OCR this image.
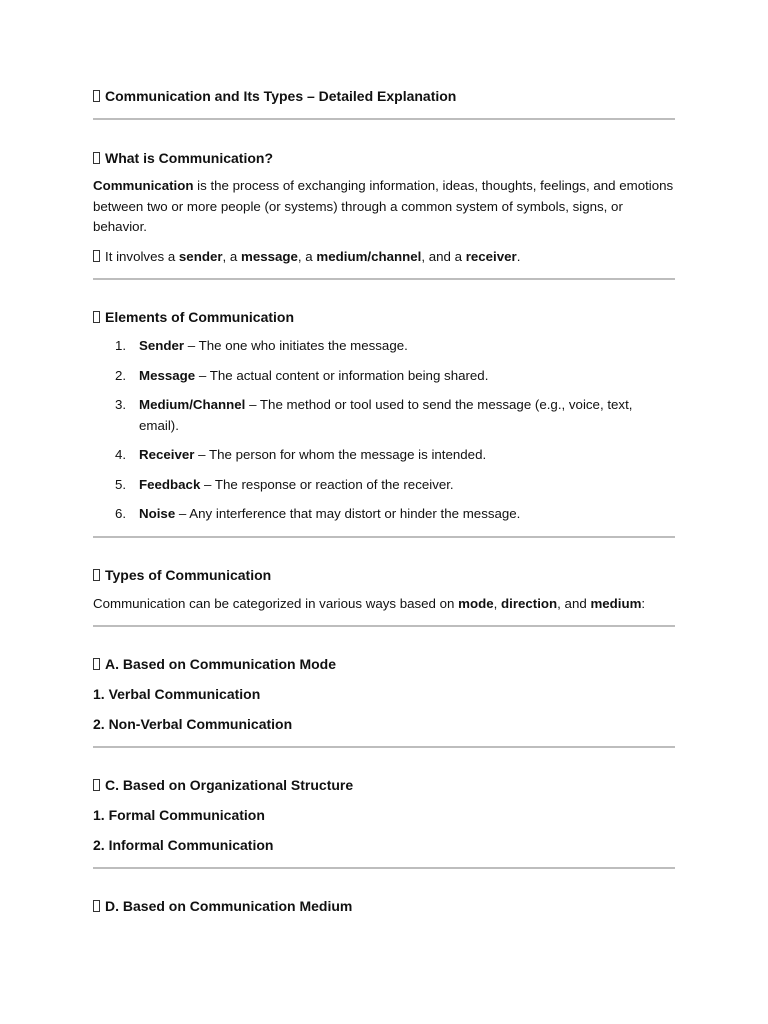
Communication and Its Types – Detailed Explanation
What is Communication?

Communication is the process of exchanging information, ideas, thoughts, feelings, and emotions between two or more people (or systems) through a common system of symbols, signs, or behavior.

It involves a sender, a message, a medium/channel, and a receiver.

Elements of Communication
1. Sender – The one who initiates the message.
2. Message – The actual content or information being shared.
3. Medium/Channel – The method or tool used to send the message (e.g., voice, text, email).
4. Receiver – The person for whom the message is intended.
5. Feedback – The response or reaction of the receiver.
6. Noise – Any interference that may distort or hinder the message.
Types of Communication

Communication can be categorized in various ways based on mode, direction, and medium:

A. Based on Communication Mode
1. Verbal Communication
2. Non-Verbal Communication
C. Based on Organizational Structure
1. Formal Communication
2. Informal Communication
D. Based on Communication Medium
